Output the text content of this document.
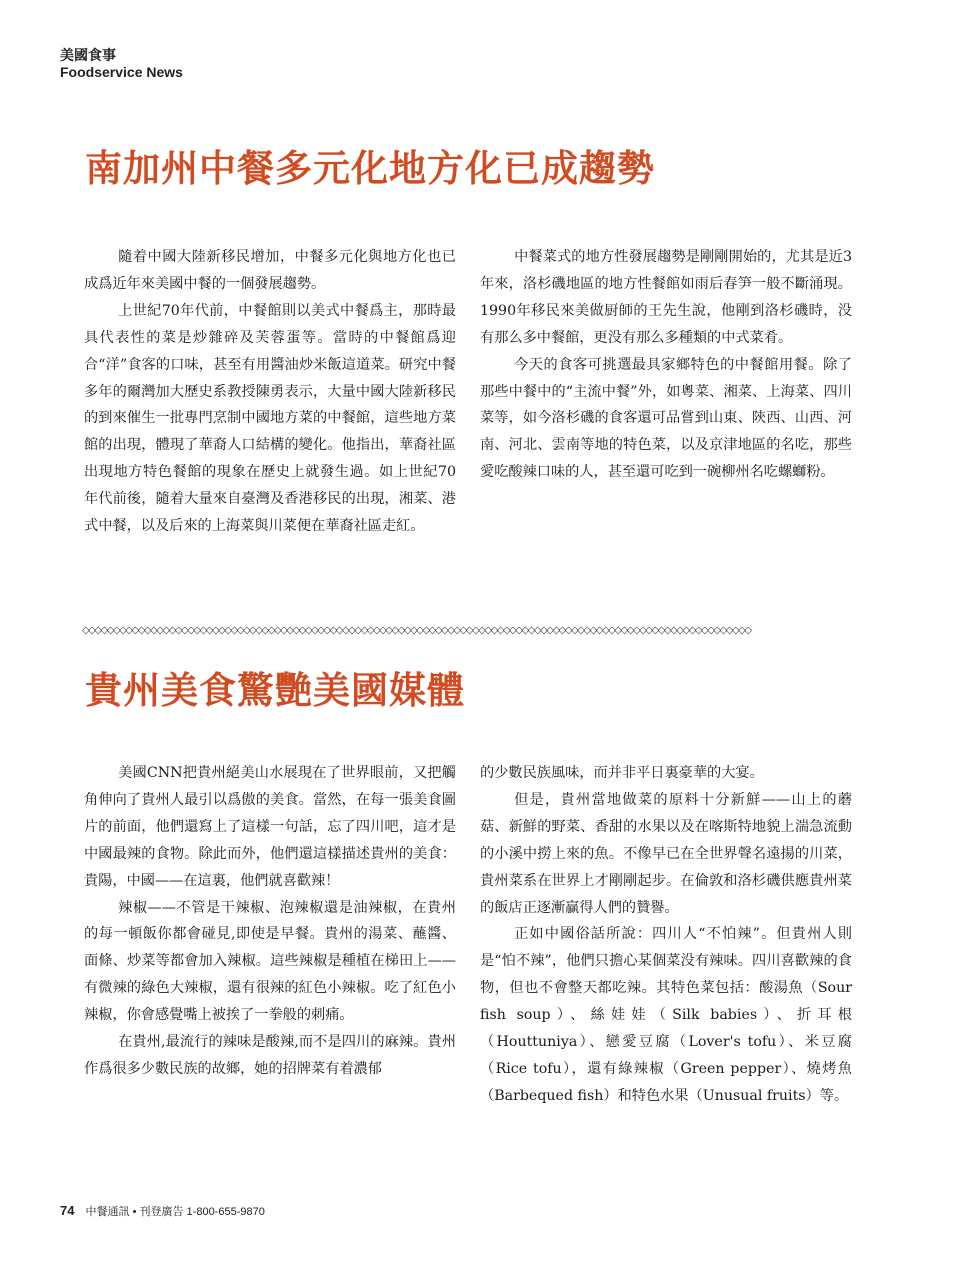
美國食事
Foodservice News
南加州中餐多元化地方化已成趨勢

隨着中國大陸新移民增加，中餐多元化與地方化也已成爲近年來美國中餐的一個發展趨勢。

上世紀70年代前，中餐館則以美式中餐爲主，那時最具代表性的菜是炒雜碎及芙蓉蛋等。當時的中餐館爲迎合“洋”食客的口味，甚至有用醬油炒米飯這道菜。研究中餐多年的爾灣加大歷史系教授陳勇表示，大量中國大陸新移民的到來催生一批專門烹制中國地方菜的中餐館，這些地方菜館的出現，體現了華裔人口結構的變化。他指出，華裔社區出現地方特色餐館的現象在歷史上就發生過。如上世紀70年代前後，隨着大量來自臺灣及香港移民的出現，湘菜、港式中餐，以及后來的上海菜與川菜便在華裔社區走紅。

中餐菜式的地方性發展趨勢是剛剛開始的，尤其是近3年來，洛杉磯地區的地方性餐館如雨后春笋一般不斷涌現。1990年移民來美做厨師的王先生說，他剛到洛杉磯時，没有那么多中餐館，更没有那么多種類的中式菜肴。

今天的食客可挑選最具家鄉特色的中餐館用餐。除了那些中餐中的“主流中餐”外，如粵菜、湘菜、上海菜、四川菜等，如今洛杉磯的食客還可品嘗到山東、陝西、山西、河南、河北、雲南等地的特色菜，以及京津地區的名吃，那些愛吃酸辣口味的人，甚至還可吃到一碗柳州名吃螺螄粉。

◇◇◇◇◇◇◇◇◇◇◇◇◇◇◇◇◇◇◇◇◇◇◇◇◇◇◇◇◇◇◇◇◇◇◇◇◇◇◇◇◇◇◇◇◇◇◇◇◇◇◇◇◇◇◇◇◇◇◇◇◇◇◇◇◇◇◇◇◇◇◇◇◇◇◇◇◇◇◇◇◇◇◇◇◇◇◇◇◇◇◇◇◇◇◇◇◇◇◇◇◇◇◇◇◇◇◇◇
貴州美食驚艷美國媒體

美國CNN把貴州絕美山水展現在了世界眼前，又把觸角伸向了貴州人最引以爲傲的美食。當然，在每一張美食圖片的前面，他們還寫上了這樣一句話，忘了四川吧，這才是中國最辣的食物。除此而外，他們還這樣描述貴州的美食：貴陽，中國——在這裏，他們就喜歡辣！

辣椒——不管是干辣椒、泡辣椒還是油辣椒，在貴州的每一頓飯你都會碰見,即使是早餐。貴州的湯菜、蘸醬、面條、炒菜等都會加入辣椒。這些辣椒是種植在梯田上——有微辣的綠色大辣椒，還有很辣的紅色小辣椒。吃了紅色小辣椒，你會感覺嘴上被挨了一拳般的刺痛。

在貴州,最流行的辣味是酸辣,而不是四川的麻辣。貴州作爲很多少數民族的故鄉，她的招牌菜有着濃郁

的少數民族風味，而并非平日裏豪華的大宴。

但是，貴州當地做菜的原料十分新鮮——山上的蘑菇、新鮮的野菜、香甜的水果以及在喀斯特地貌上湍急流動的小溪中撈上來的魚。不像早已在全世界聲名遠揚的川菜，貴州菜系在世界上才剛剛起步。在倫敦和洛杉磯供應貴州菜的飯店正逐漸贏得人們的贊譽。

正如中國俗話所說：四川人“不怕辣”。但貴州人則是“怕不辣”，他們只擔心某個菜没有辣味。四川喜歡辣的食物，但也不會整天都吃辣。其特色菜包括：酸湯魚（Sour fish soup）、絲娃娃（Silk babies）、折耳根（Houttuniya）、戀愛豆腐（Lover's tofu）、米豆腐（Rice tofu），還有綠辣椒（Green pepper）、燒烤魚（Barbequed fish）和特色水果（Unusual fruits）等。

74 中餐通訊 • 刊登廣告 1-800-655-9870
